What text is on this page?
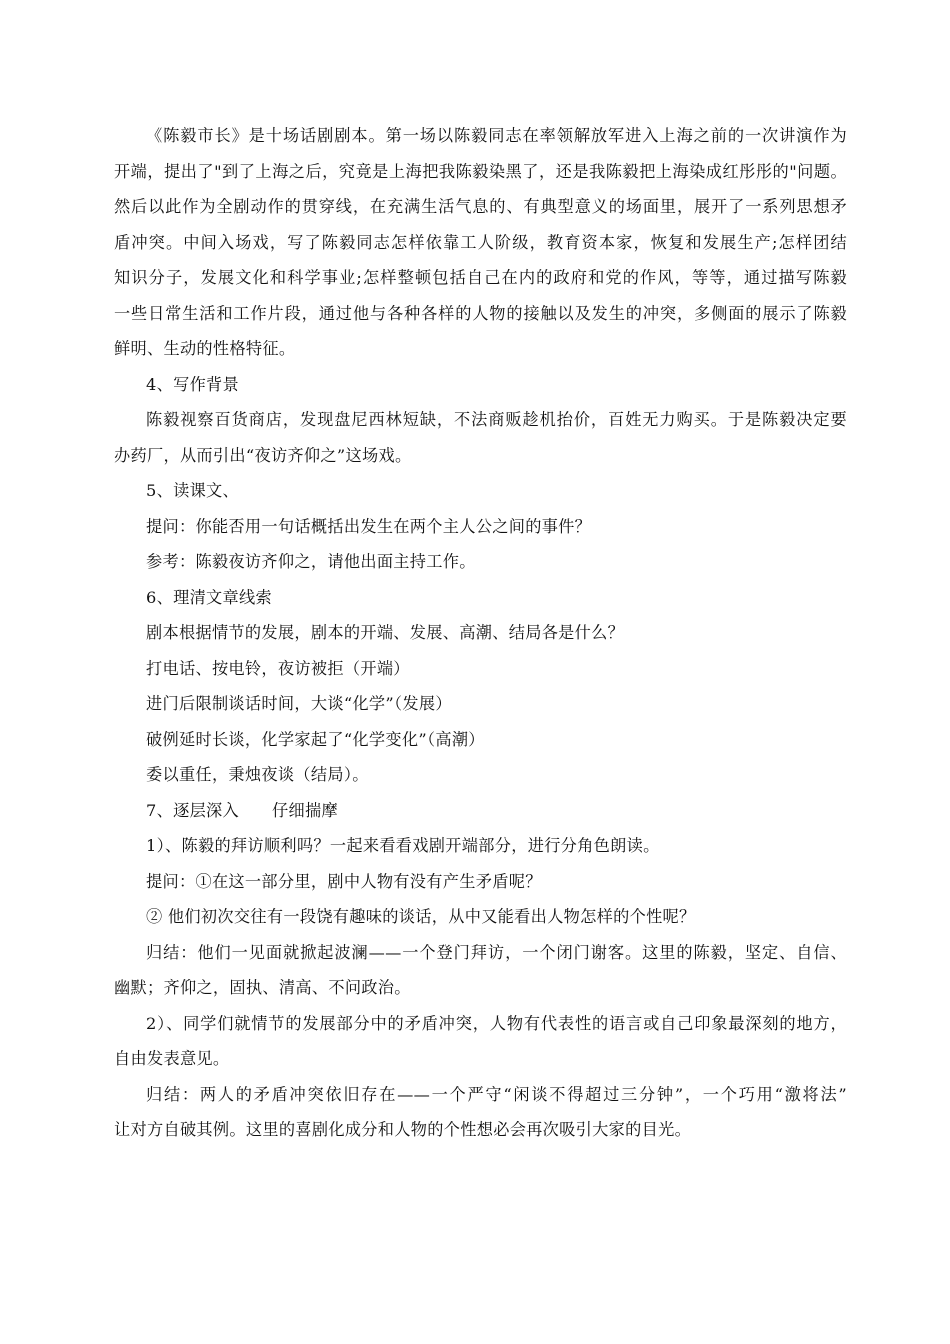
《陈毅市长》是十场话剧剧本。第一场以陈毅同志在率领解放军进入上海之前的一次讲演作为

开端，提出了"到了上海之后，究竟是上海把我陈毅染黑了，还是我陈毅把上海染成红彤彤的"问题。

然后以此作为全剧动作的贯穿线，在充满生活气息的、有典型意义的场面里，展开了一系列思想矛

盾冲突。中间入场戏，写了陈毅同志怎样依靠工人阶级，教育资本家，恢复和发展生产;怎样团结

知识分子，发展文化和科学事业;怎样整顿包括自己在内的政府和党的作风，等等，通过描写陈毅

一些日常生活和工作片段，通过他与各种各样的人物的接触以及发生的冲突，多侧面的展示了陈毅

鲜明、生动的性格特征。

4、写作背景

陈毅视察百货商店，发现盘尼西林短缺，不法商贩趁机抬价，百姓无力购买。于是陈毅决定要

办药厂，从而引出“夜访齐仰之”这场戏。

5、读课文、

提问：你能否用一句话概括出发生在两个主人公之间的事件？

参考：陈毅夜访齐仰之，请他出面主持工作。

6、理清文章线索

剧本根据情节的发展，剧本的开端、发展、高潮、结局各是什么？

打电话、按电铃，夜访被拒（开端）

进门后限制谈话时间，大谈“化学”（发展）

破例延时长谈，化学家起了“化学变化”（高潮）

委以重任，秉烛夜谈（结局）。

7、逐层深入　　仔细揣摩

1）、陈毅的拜访顺利吗？一起来看看戏剧开端部分，进行分角色朗读。

提问：①在这一部分里，剧中人物有没有产生矛盾呢？

② 他们初次交往有一段饶有趣味的谈话，从中又能看出人物怎样的个性呢？

归结：他们一见面就掀起波澜——一个登门拜访，一个闭门谢客。这里的陈毅，坚定、自信、

幽默；齐仰之，固执、清高、不问政治。

2）、同学们就情节的发展部分中的矛盾冲突，人物有代表性的语言或自己印象最深刻的地方，

自由发表意见。

归结：两人的矛盾冲突依旧存在——一个严守“闲谈不得超过三分钟”，一个巧用“激将法”

让对方自破其例。这里的喜剧化成分和人物的个性想必会再次吸引大家的目光。
